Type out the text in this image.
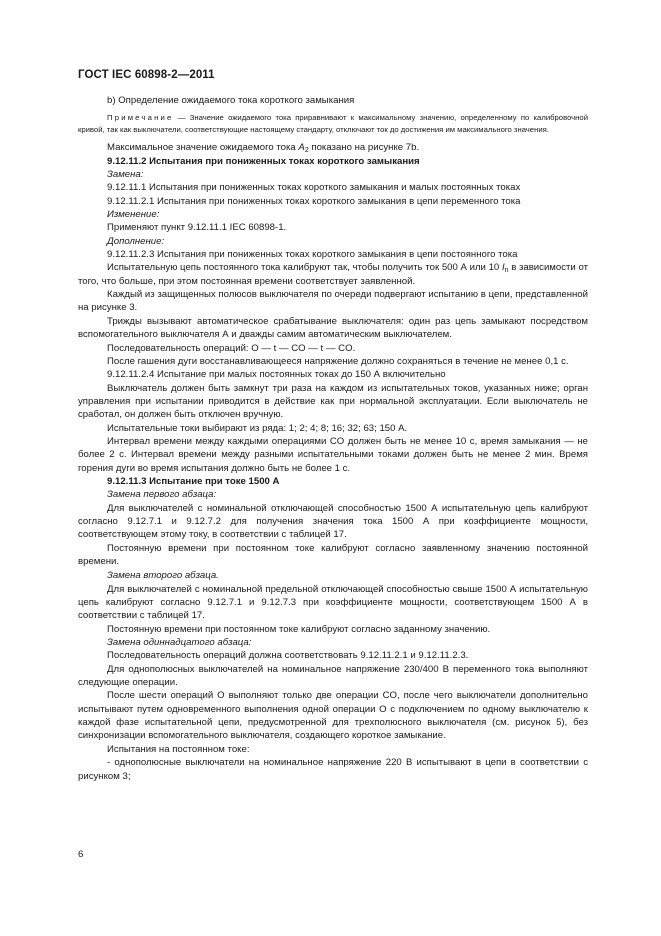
ГОСТ IEC 60898-2—2011

b) Определение ожидаемого тока короткого замыкания

Примечание — Значение ожидаемого тока приравнивают к максимальному значению, определенному по калибровочной кривой, так как выключатели, соответствующие настоящему стандарту, отключают ток до достижения им максимального значения.

Максимальное значение ожидаемого тока $A_2$ показано на рисунке 7b.

9.12.11.2 Испытания при пониженных токах короткого замыкания

Замена:

9.12.11.1 Испытания при пониженных токах короткого замыкания и малых постоянных токах

9.12.11.2.1 Испытания при пониженных токах короткого замыкания в цепи переменного тока

Изменение:

Применяют пункт 9.12.11.1 IEC 60898-1.

Дополнение:

9.12.11.2.3 Испытания при пониженных токах короткого замыкания в цепи постоянного тока

Испытательную цепь постоянного тока калибруют так, чтобы получить ток 500 А или 10 $I_n$ в зависимости от того, что больше, при этом постоянная времени соответствует заявленной.

Каждый из защищенных полюсов выключателя по очереди подвергают испытанию в цепи, представленной на рисунке 3.

Трижды вызывают автоматическое срабатывание выключателя: один раз цепь замыкают посредством вспомогательного выключателя А и дважды самим автоматическим выключателем.

Последовательность операций: О — t — CO — t — CO.

После гашения дуги восстанавливающееся напряжение должно сохраняться в течение не менее 0,1 с.

9.12.11.2.4 Испытание при малых постоянных токах до 150 А включительно

Выключатель должен быть замкнут три раза на каждом из испытательных токов, указанных ниже; орган управления при испытании приводится в действие как при нормальной эксплуатации. Если выключатель не сработал, он должен быть отключен вручную.

Испытательные токи выбирают из ряда: 1; 2; 4; 8; 16; 32; 63; 150 А.

Интервал времени между каждыми операциями CO должен быть не менее 10 с, время замыкания — не более 2 с. Интервал времени между разными испытательными токами должен быть не менее 2 мин. Время горения дуги во время испытания должно быть не более 1 с.

9.12.11.3 Испытание при токе 1500 А

Замена первого абзаца:

Для выключателей с номинальной отключающей способностью 1500 А испытательную цепь калибруют согласно 9.12.7.1 и 9.12.7.2 для получения значения тока 1500 А при коэффициенте мощности, соответствующем этому току, в соответствии с таблицей 17.

Постоянную времени при постоянном токе калибруют согласно заявленному значению постоянной времени.

Замена второго абзаца.

Для выключателей с номинальной предельной отключающей способностью свыше 1500 А испытательную цепь калибруют согласно 9.12.7.1 и 9.12.7.3 при коэффициенте мощности, соответствующем 1500 А в соответствии с таблицей 17.

Постоянную времени при постоянном токе калибруют согласно заданному значению.

Замена одиннадцатого абзаца:

Последовательность операций должна соответствовать 9.12.11.2.1 и 9.12.11.2.3.

Для однополюсных выключателей на номинальное напряжение 230/400 В переменного тока выполняют следующие операции.

После шести операций О выполняют только две операции CO, после чего выключатели дополнительно испытывают путем одновременного выполнения одной операции О с подключением по одному выключателю к каждой фазе испытательной цепи, предусмотренной для трехполюсного выключателя (см. рисунок 5), без синхронизации вспомогательного выключателя, создающего короткое замыкание.

Испытания на постоянном токе:

- однополюсные выключатели на номинальное напряжение 220 В испытывают в цепи в соответствии с рисунком 3;

6
